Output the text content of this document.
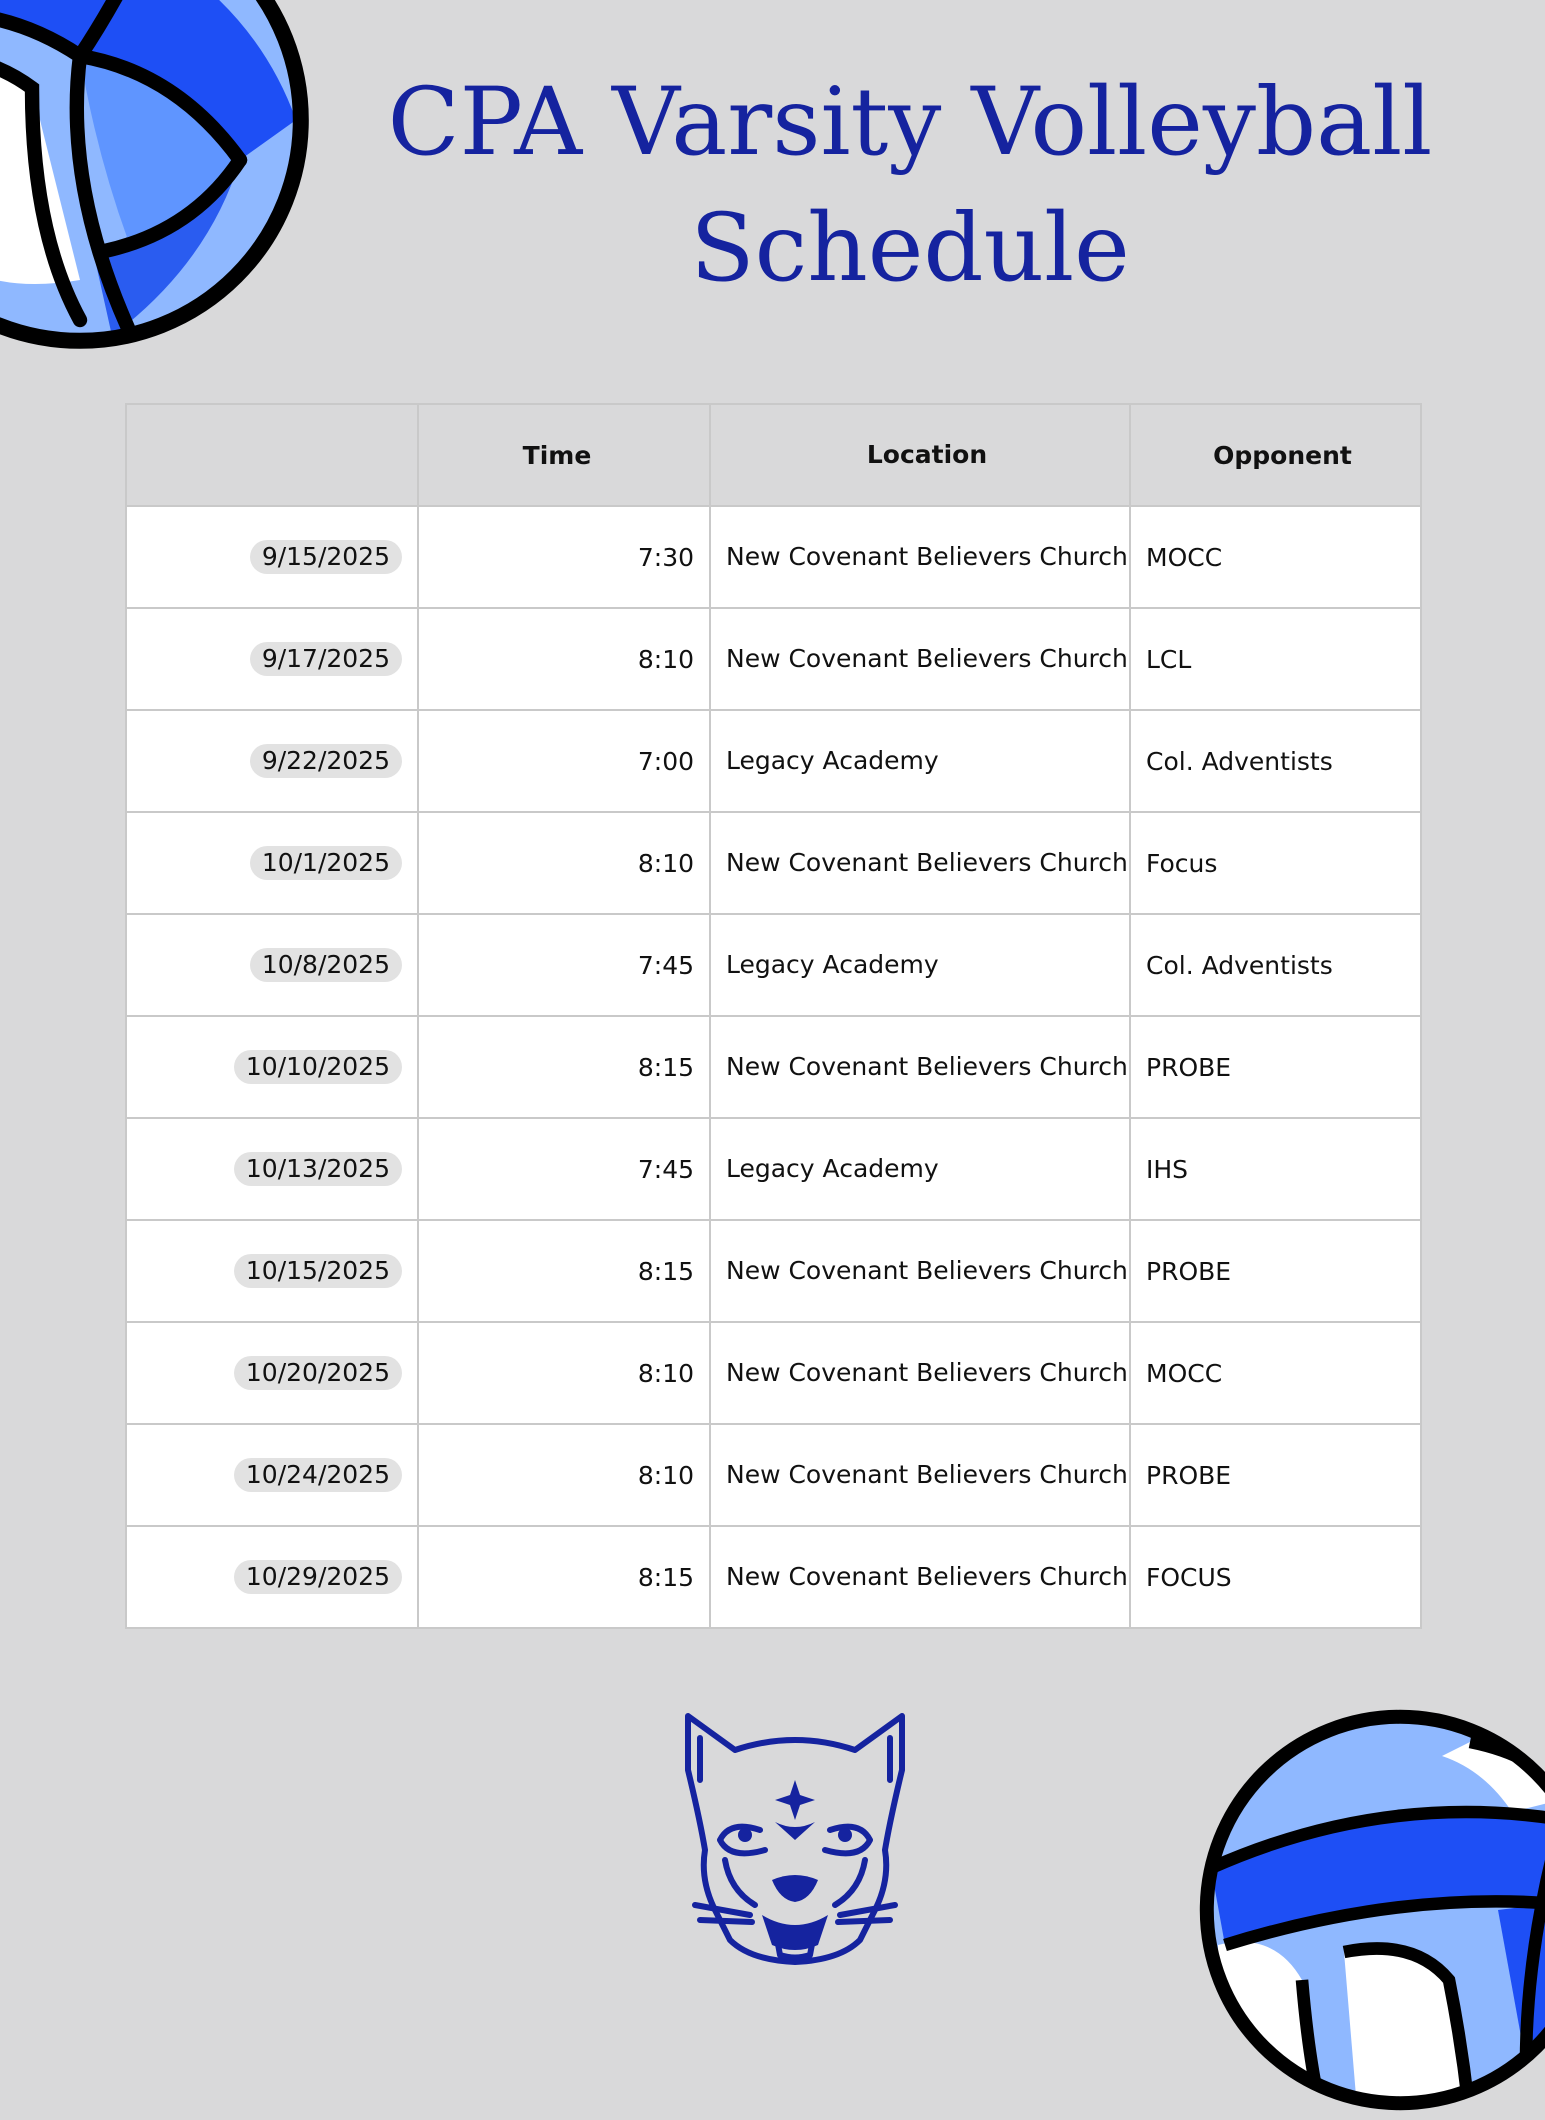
CPA Varsity Volleyball Schedule
	Time	Location	Opponent
9/15/2025	7:30	New Covenant Believers Church	MOCC
9/17/2025	8:10	New Covenant Believers Church	LCL
9/22/2025	7:00	Legacy Academy	Col. Adventists
10/1/2025	8:10	New Covenant Believers Church	Focus
10/8/2025	7:45	Legacy Academy	Col. Adventists
10/10/2025	8:15	New Covenant Believers Church	PROBE
10/13/2025	7:45	Legacy Academy	IHS
10/15/2025	8:15	New Covenant Believers Church	PROBE
10/20/2025	8:10	New Covenant Believers Church	MOCC
10/24/2025	8:10	New Covenant Believers Church	PROBE
10/29/2025	8:15	New Covenant Believers Church	FOCUS
